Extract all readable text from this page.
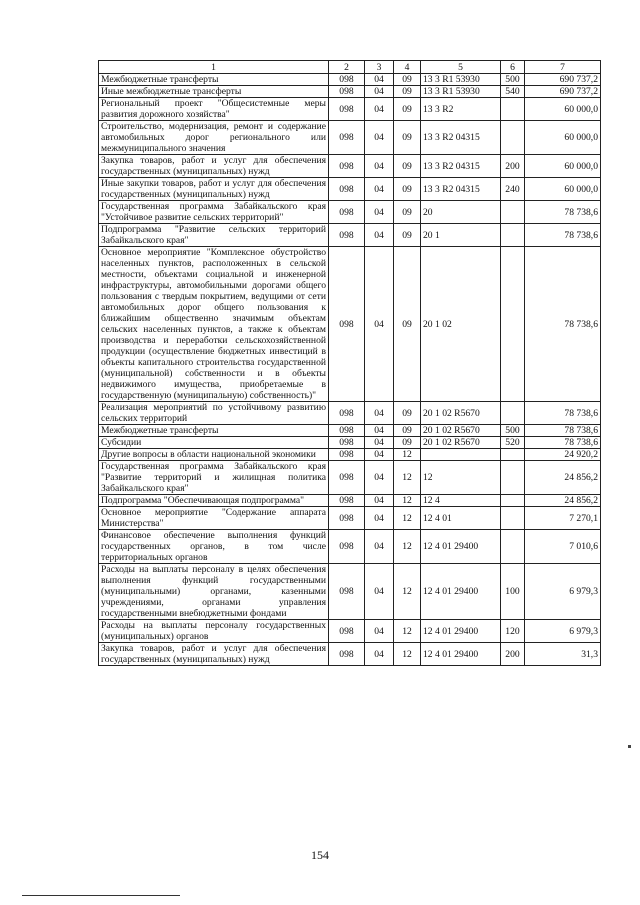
1	2	3	4	5	6	7
Межбюджетные трансферты	098	04	09	13 3 R1 53930	500	690 737,2
Иные межбюджетные трансферты	098	04	09	13 3 R1 53930	540	690 737,2
Региональный проект "Общесистемные меры развития дорожного хозяйства"	098	04	09	13 3 R2		60 000,0
Строительство, модернизация, ремонт и содержание автомобильных дорог регионального или межмуниципального значения	098	04	09	13 3 R2 04315		60 000,0
Закупка товаров, работ и услуг для обеспечения государственных (муниципальных) нужд	098	04	09	13 3 R2 04315	200	60 000,0
Иные закупки товаров, работ и услуг для обеспечения государственных (муниципальных) нужд	098	04	09	13 3 R2 04315	240	60 000,0
Государственная программа Забайкальского края "Устойчивое развитие сельских территорий"	098	04	09	20		78 738,6
Подпрограмма "Развитие сельских территорий Забайкальского края"	098	04	09	20 1		78 738,6
Основное мероприятие "Комплексное обустройство населенных пунктов, расположенных в сельской местности, объектами социальной и инженерной инфраструктуры, автомобильными дорогами общего пользования с твердым покрытием, ведущими от сети автомобильных дорог общего пользования к ближайшим общественно значимым объектам сельских населенных пунктов, а также к объектам производства и переработки сельскохозяйственной продукции (осуществление бюджетных инвестиций в объекты капитального строительства государственной (муниципальной) собственности и в объекты недвижимого имущества, приобретаемые в государственную (муниципальную) собственность)"	098	04	09	20 1 02		78 738,6
Реализация мероприятий по устойчивому развитию сельских территорий	098	04	09	20 1 02 R5670		78 738,6
Межбюджетные трансферты	098	04	09	20 1 02 R5670	500	78 738,6
Субсидии	098	04	09	20 1 02 R5670	520	78 738,6
Другие вопросы в области национальной экономики	098	04	12			24 920,2
Государственная программа Забайкальского края "Развитие территорий и жилищная политика Забайкальского края"	098	04	12	12		24 856,2
Подпрограмма "Обеспечивающая подпрограмма"	098	04	12	12 4		24 856,2
Основное мероприятие "Содержание аппарата Министерства"	098	04	12	12 4 01		7 270,1
Финансовое обеспечение выполнения функций государственных органов, в том числе территориальных органов	098	04	12	12 4 01 29400		7 010,6
Расходы на выплаты персоналу в целях обеспечения выполнения функций государственными (муниципальными) органами, казенными учреждениями, органами управления государственными внебюджетными фондами	098	04	12	12 4 01 29400	100	6 979,3
Расходы на выплаты персоналу государственных (муниципальных) органов	098	04	12	12 4 01 29400	120	6 979,3
Закупка товаров, работ и услуг для обеспечения государственных (муниципальных) нужд	098	04	12	12 4 01 29400	200	31,3
154
